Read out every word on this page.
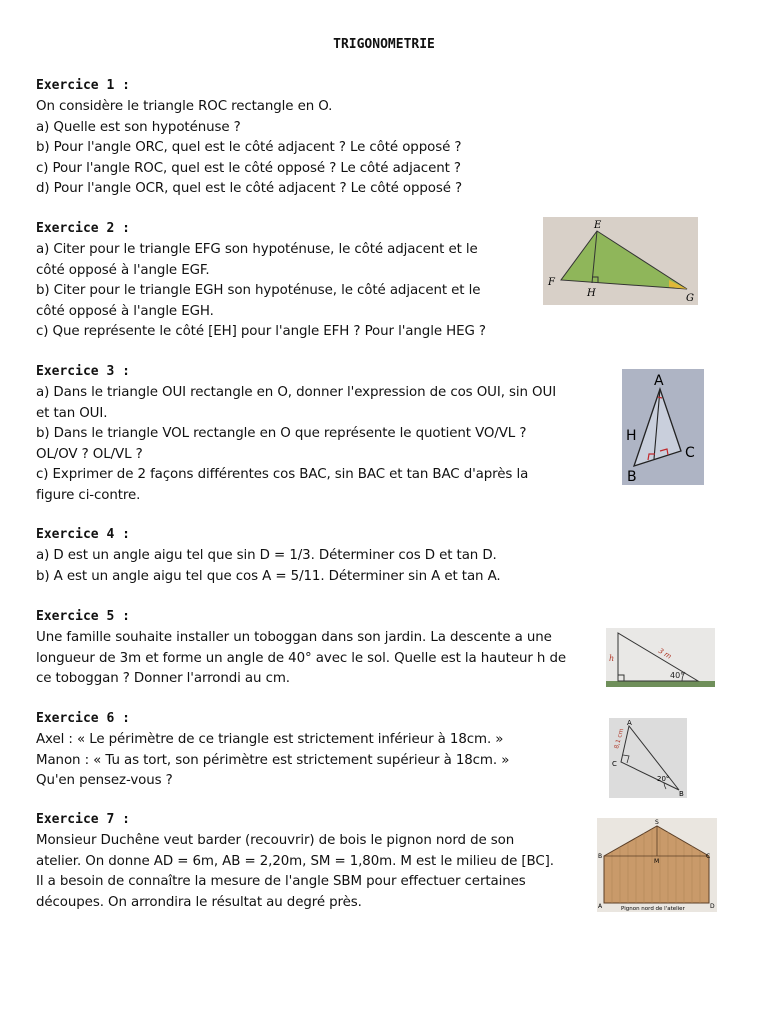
TRIGONOMETRIE
Exercice 1 :
On considère le triangle ROC rectangle en O.
a) Quelle est son hypoténuse ?
b) Pour l'angle ORC, quel est le côté adjacent ? Le côté opposé ?
c) Pour l'angle ROC, quel est le côté opposé ? Le côté adjacent ?
d) Pour l'angle OCR, quel est le côté adjacent ? Le côté opposé ?
Exercice 2 :
a) Citer pour le triangle EFG son hypoténuse, le côté adjacent et le
côté opposé à l'angle EGF.
b) Citer pour le triangle EGH son hypoténuse, le côté adjacent et le
côté opposé à l'angle EGH.
c) Que représente le côté [EH] pour l'angle EFH ? Pour l'angle HEG ?
E
F
G
H
Exercice 3 :
a) Dans le triangle OUI rectangle en O, donner l'expression de cos OUI, sin OUI
et tan OUI.
b) Dans le triangle VOL rectangle en O que représente le quotient VO/VL ?
OL/OV ? OL/VL ?
c) Exprimer de 2 façons différentes cos BAC, sin BAC et tan BAC d'après la
figure ci-contre.
A
B
C
H
Exercice 4 :
a) D est un angle aigu tel que sin D = 1/3. Déterminer cos D et tan D.
b) A est un angle aigu tel que cos A = 5/11. Déterminer sin A et tan A.
Exercice 5 :
Une famille souhaite installer un toboggan dans son jardin. La descente a une
longueur de 3m et forme un angle de 40° avec le sol. Quelle est la hauteur h de
ce toboggan ? Donner l'arrondi au cm.
3 m
40°
h
Exercice 6 :
Axel : « Le périmètre de ce triangle est strictement inférieur à 18cm. »
Manon : « Tu as tort, son périmètre est strictement supérieur à 18cm. »
Qu'en pensez-vous ?
A
B
C
8,1 cm
20°
Exercice 7 :
Monsieur Duchêne veut barder (recouvrir) de bois le pignon nord de son
atelier. On donne AD = 6m, AB = 2,20m, SM = 1,80m. M est le milieu de [BC].
Il a besoin de connaître la mesure de l'angle SBM pour effectuer certaines
découpes. On arrondira le résultat au degré près.
S
B	C
M
A	D
Pignon nord de l'atelier
